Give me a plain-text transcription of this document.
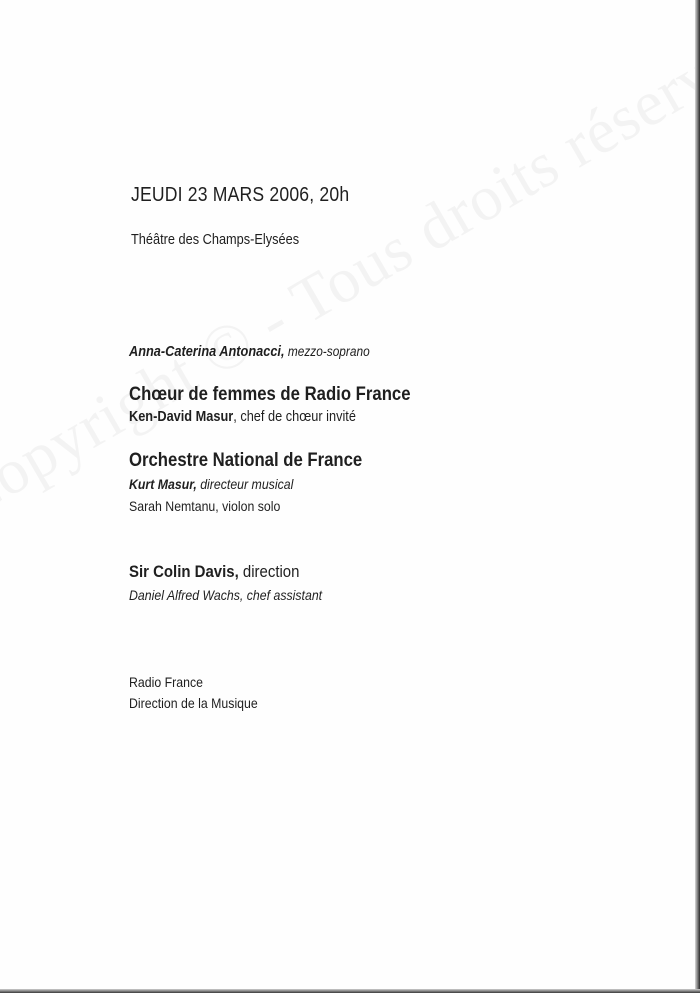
JEUDI 23 MARS 2006, 20h
Théâtre des Champs-Elysées
Anna-Caterina Antonacci, mezzo-soprano
Chœur de femmes de Radio France
Ken-David Masur, chef de chœur invité
Orchestre National de France
Kurt Masur, directeur musical
Sarah Nemtanu, violon solo
Sir Colin Davis, direction
Daniel Alfred Wachs, chef assistant
Radio France
Direction de la Musique
